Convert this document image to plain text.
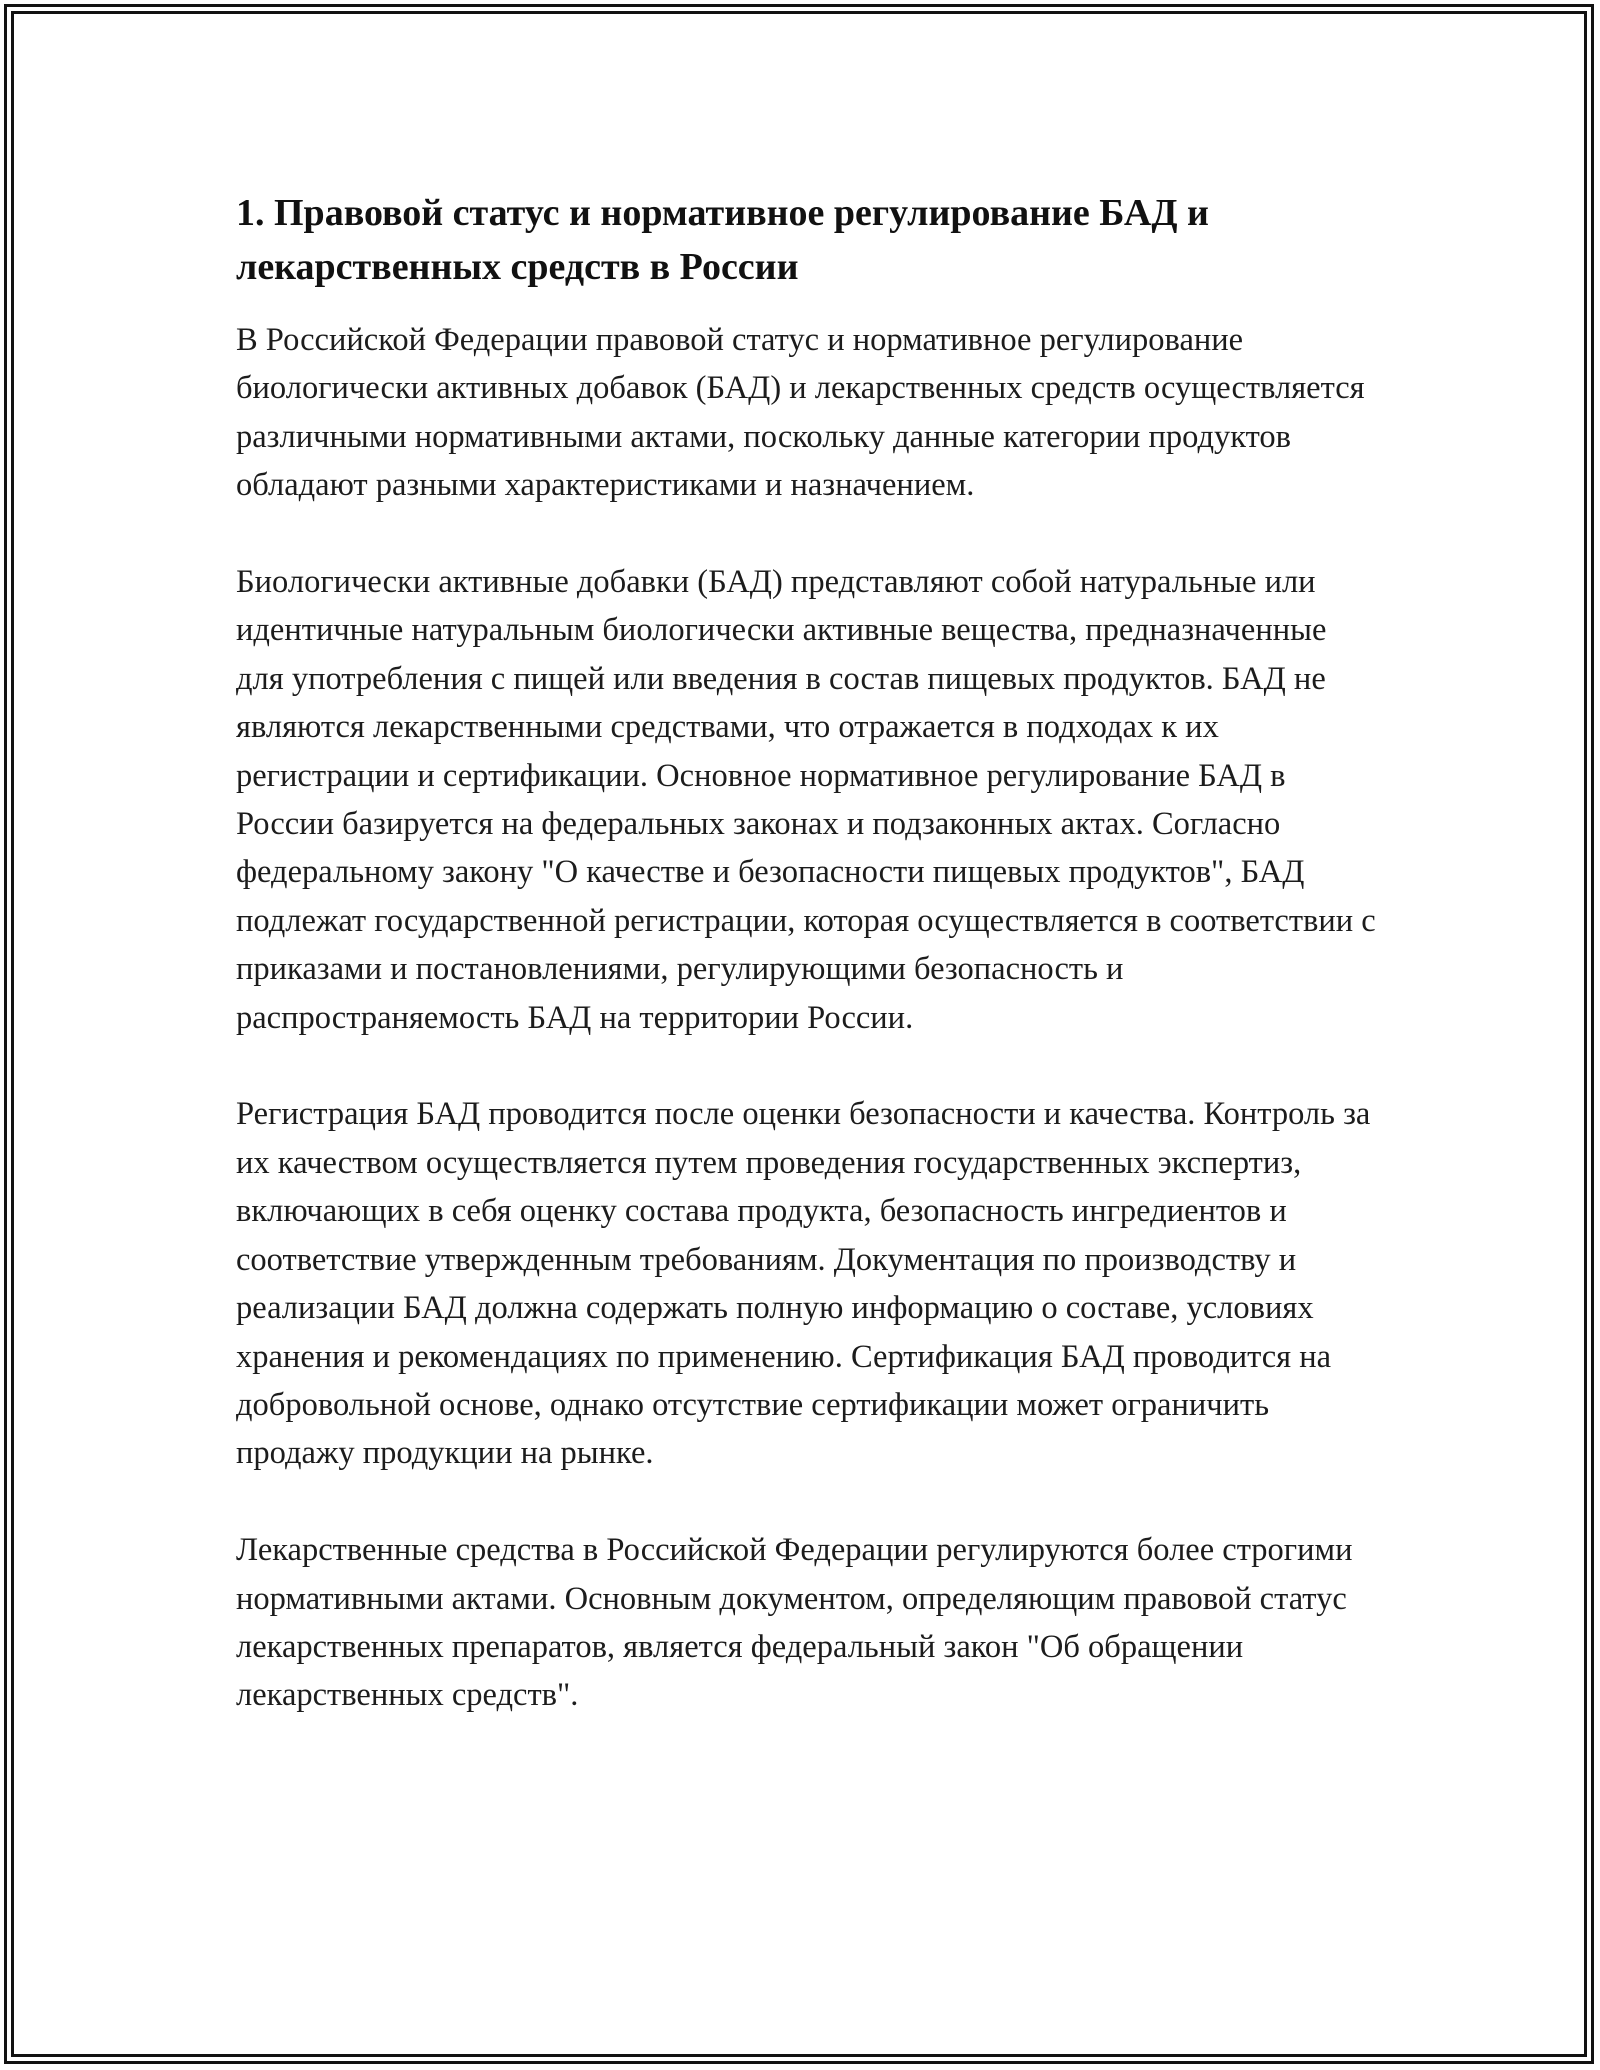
1. Правовой статус и нормативное регулирование БАД и лекарственных средств в России

В Российской Федерации правовой статус и нормативное регулирование биологически активных добавок (БАД) и лекарственных средств осуществляется различными нормативными актами, поскольку данные категории продуктов обладают разными характеристиками и назначением.

Биологически активные добавки (БАД) представляют собой натуральные или идентичные натуральным биологически активные вещества, предназначенные для употребления с пищей или введения в состав пищевых продуктов. БАД не являются лекарственными средствами, что отражается в подходах к их регистрации и сертификации. Основное нормативное регулирование БАД в России базируется на федеральных законах и подзаконных актах. Согласно федеральному закону "О качестве и безопасности пищевых продуктов", БАД подлежат государственной регистрации, которая осуществляется в соответствии с приказами и постановлениями, регулирующими безопасность и распространяемость БАД на территории России.

Регистрация БАД проводится после оценки безопасности и качества. Контроль за их качеством осуществляется путем проведения государственных экспертиз, включающих в себя оценку состава продукта, безопасность ингредиентов и соответствие утвержденным требованиям. Документация по производству и реализации БАД должна содержать полную информацию о составе, условиях хранения и рекомендациях по применению. Сертификация БАД проводится на добровольной основе, однако отсутствие сертификации может ограничить продажу продукции на рынке.

Лекарственные средства в Российской Федерации регулируются более строгими нормативными актами. Основным документом, определяющим правовой статус лекарственных препаратов, является федеральный закон "Об обращении лекарственных средств".
